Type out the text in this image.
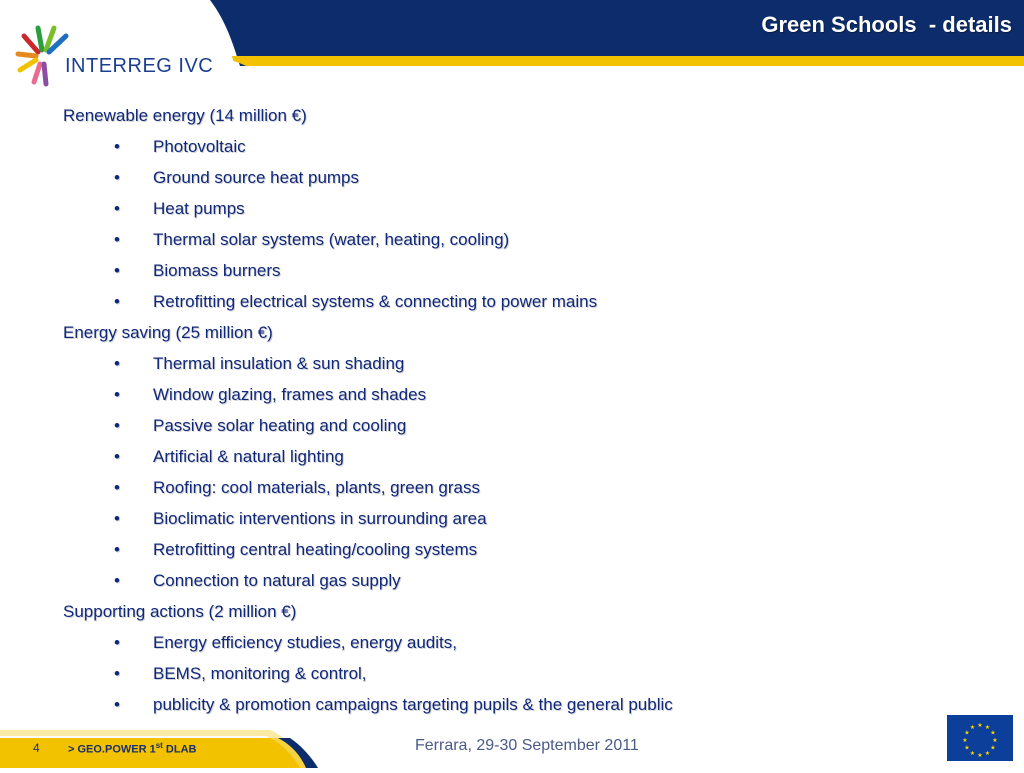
Green Schools  - details
INTERREG IVC
Renewable energy (14 million €)
• Photovoltaic
• Ground source heat pumps
• Heat pumps
• Thermal solar systems (water, heating, cooling)
• Biomass burners
• Retrofitting electrical systems & connecting to power mains
Energy saving (25 million €)
• Thermal insulation & sun shading
• Window glazing, frames and shades
• Passive solar heating and cooling
• Artificial & natural lighting
• Roofing: cool materials, plants, green grass
• Bioclimatic interventions in surrounding area
• Retrofitting central heating/cooling systems
• Connection to natural gas supply
Supporting actions (2 million €)
• Energy efficiency studies, energy audits,
• BEMS, monitoring & control,
• publicity & promotion campaigns targeting pupils & the general public
4	> GEO.POWER 1st DLAB	Ferrara, 29-30 September 2011
★ ★
★
★
★
★
★
★
★
★
★
★
